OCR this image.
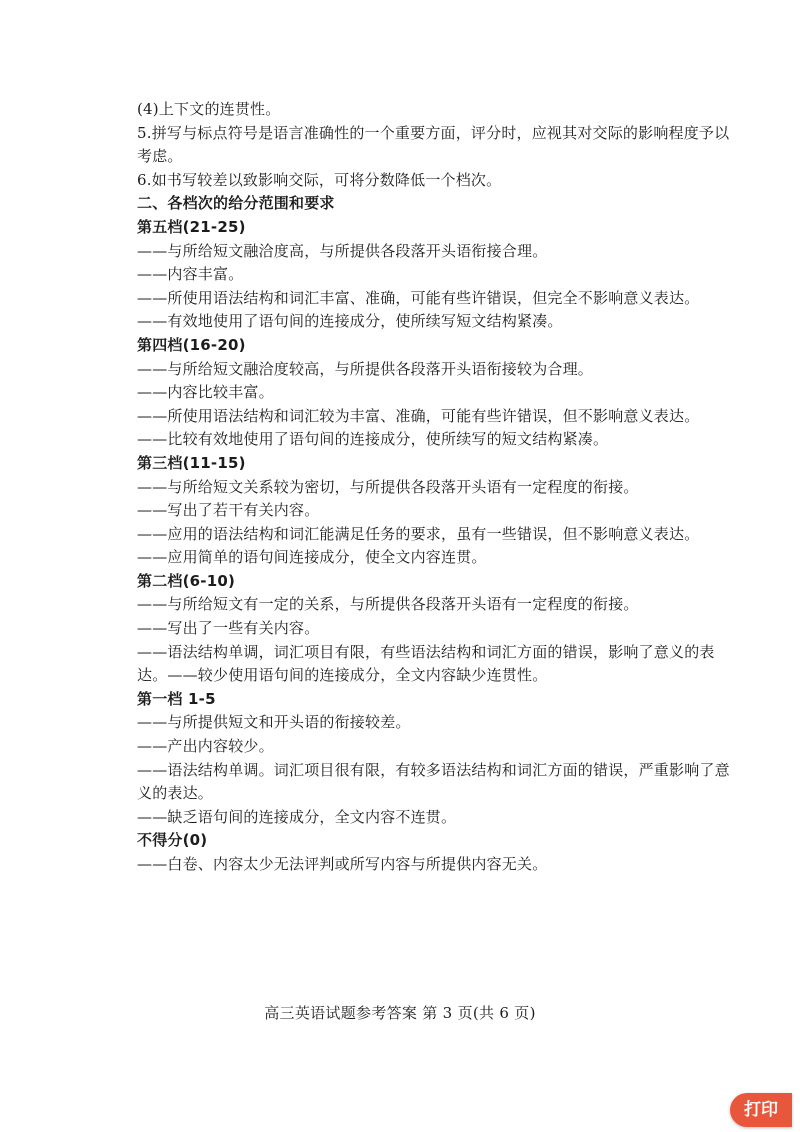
(4)上下文的连贯性。
5.拼写与标点符号是语言准确性的一个重要方面，评分时，应视其对交际的影响程度予以考虑。
6.如书写较差以致影响交际，可将分数降低一个档次。
二、各档次的给分范围和要求
第五档(21-25)
——与所给短文融洽度高，与所提供各段落开头语衔接合理。
——内容丰富。
——所使用语法结构和词汇丰富、准确，可能有些许错误，但完全不影响意义表达。
——有效地使用了语句间的连接成分，使所续写短文结构紧凑。
第四档(16-20)
——与所给短文融洽度较高，与所提供各段落开头语衔接较为合理。
——内容比较丰富。
——所使用语法结构和词汇较为丰富、准确，可能有些许错误，但不影响意义表达。
——比较有效地使用了语句间的连接成分，使所续写的短文结构紧凑。
第三档(11-15)
——与所给短文关系较为密切，与所提供各段落开头语有一定程度的衔接。
——写出了若干有关内容。
——应用的语法结构和词汇能满足任务的要求，虽有一些错误，但不影响意义表达。
——应用简单的语句间连接成分，使全文内容连贯。
第二档(6-10)
——与所给短文有一定的关系，与所提供各段落开头语有一定程度的衔接。
——写出了一些有关内容。
——语法结构单调，词汇项目有限，有些语法结构和词汇方面的错误，影响了意义的表达。——较少使用语句间的连接成分，全文内容缺少连贯性。
第一档 1-5
——与所提供短文和开头语的衔接较差。
——产出内容较少。
——语法结构单调。词汇项目很有限，有较多语法结构和词汇方面的错误，严重影响了意义的表达。
——缺乏语句间的连接成分，全文内容不连贯。
不得分(0)
——白卷、内容太少无法评判或所写内容与所提供内容无关。
高三英语试题参考答案 第 3 页(共 6 页)
打印
